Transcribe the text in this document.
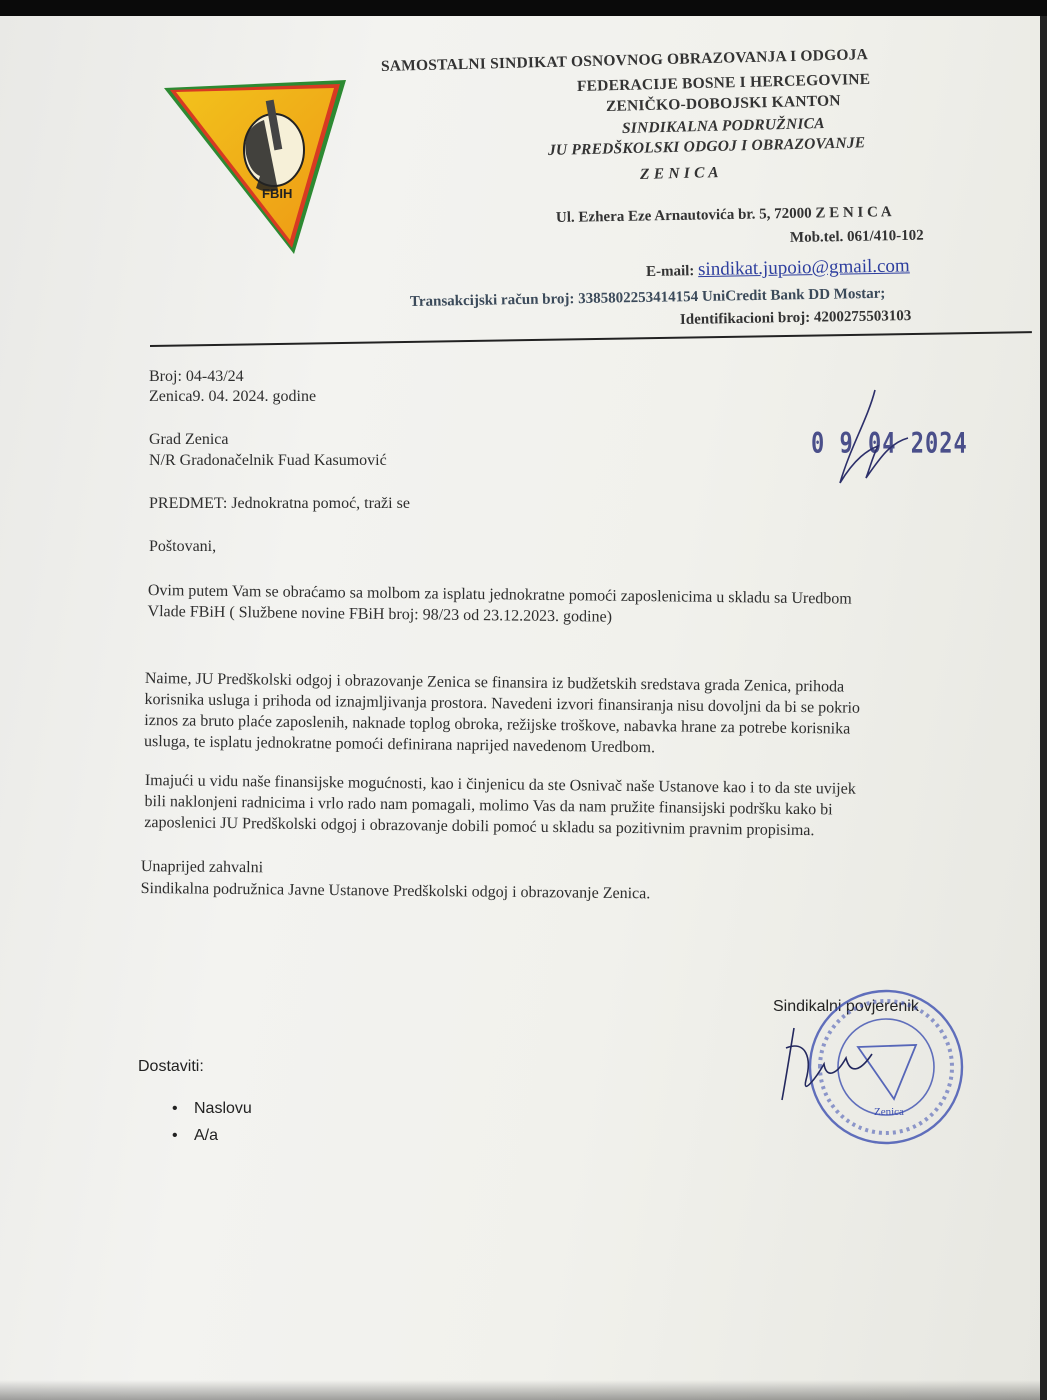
FBIH
SAMOSTALNI SINDIKAT OSNOVNOG OBRAZOVANJA I ODGOJA
FEDERACIJE BOSNE I HERCEGOVINE
ZENIČKO-DOBOJSKI KANTON
SINDIKALNA PODRUŽNICA
JU PREDŠKOLSKI ODGOJ I OBRAZOVANJE
Z E N I C A
Ul. Ezhera Eze Arnautovića br. 5, 72000 Z E N I C A
Mob.tel. 061/410-102
E-mail: sindikat.jupoio@gmail.com
Transakcijski račun broj: 3385802253414154 UniCredit Bank DD Mostar;
Identifikacioni broj: 4200275503103
Broj: 04-43/24
Zenica9. 04. 2024. godine
Grad Zenica
N/R Gradonačelnik Fuad Kasumović
PREDMET: Jednokratna pomoć, traži se
Poštovani,
0 9 04 2024
Ovim putem Vam se obraćamo sa molbom za isplatu jednokratne pomoći zaposlenicima u skladu sa Uredbom
Vlade FBiH ( Službene novine FBiH broj: 98/23 od 23.12.2023. godine)
Naime, JU Predškolski odgoj i obrazovanje Zenica se finansira iz budžetskih sredstava grada Zenica, prihoda
korisnika usluga i prihoda od iznajmljivanja prostora. Navedeni izvori finansiranja nisu dovoljni da bi se pokrio
iznos za bruto plaće zaposlenih, naknade toplog obroka, režijske troškove, nabavka hrane za potrebe korisnika
usluga, te isplatu jednokratne pomoći definirana naprijed navedenom Uredbom.
Imajući u vidu naše finansijske mogućnosti, kao i činjenicu da ste Osnivač naše Ustanove kao i to da ste uvijek
bili naklonjeni radnicima i vrlo rado nam pomagali, molimo Vas da nam pružite finansijski podršku kako bi
zaposlenici JU Predškolski odgoj i obrazovanje dobili pomoć u skladu sa pozitivnim pravnim propisima.
Unaprijed zahvalni
Sindikalna podružnica Javne Ustanove Predškolski odgoj i obrazovanje Zenica.
Sindikalni povjerenik
Zenica
Dostaviti:
• Naslovu
• A/a
